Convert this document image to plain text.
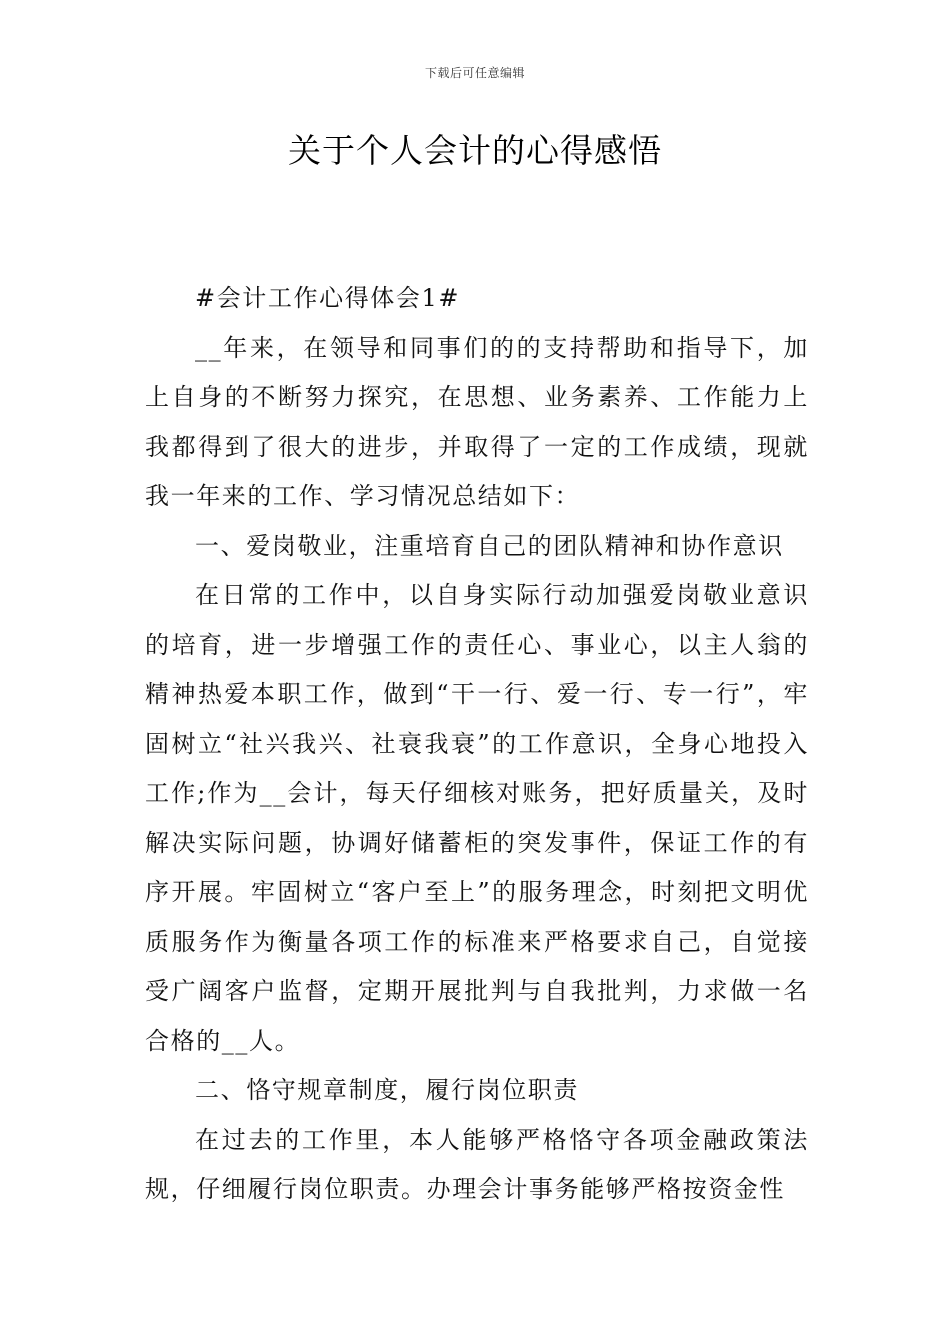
下载后可任意编辑
关于个人会计的心得感悟

#会计工作心得体会1#

__年来，在领导和同事们的的支持帮助和指导下，加上自身的不断努力探究，在思想、业务素养、工作能力上我都得到了很大的进步，并取得了一定的工作成绩，现就我一年来的工作、学习情况总结如下：

一、爱岗敬业，注重培育自己的团队精神和协作意识

在日常的工作中，以自身实际行动加强爱岗敬业意识的培育，进一步增强工作的责任心、事业心，以主人翁的精神热爱本职工作，做到“干一行、爱一行、专一行”，牢固树立“社兴我兴、社衰我衰”的工作意识，全身心地投入工作;作为__会计，每天仔细核对账务，把好质量关，及时解决实际问题，协调好储蓄柜的突发事件，保证工作的有序开展。牢固树立“客户至上”的服务理念，时刻把文明优质服务作为衡量各项工作的标准来严格要求自己，自觉接受广阔客户监督，定期开展批判与自我批判，力求做一名合格的__人。

二、恪守规章制度，履行岗位职责

在过去的工作里，本人能够严格恪守各项金融政策法规，仔细履行岗位职责。办理会计事务能够严格按资金性
